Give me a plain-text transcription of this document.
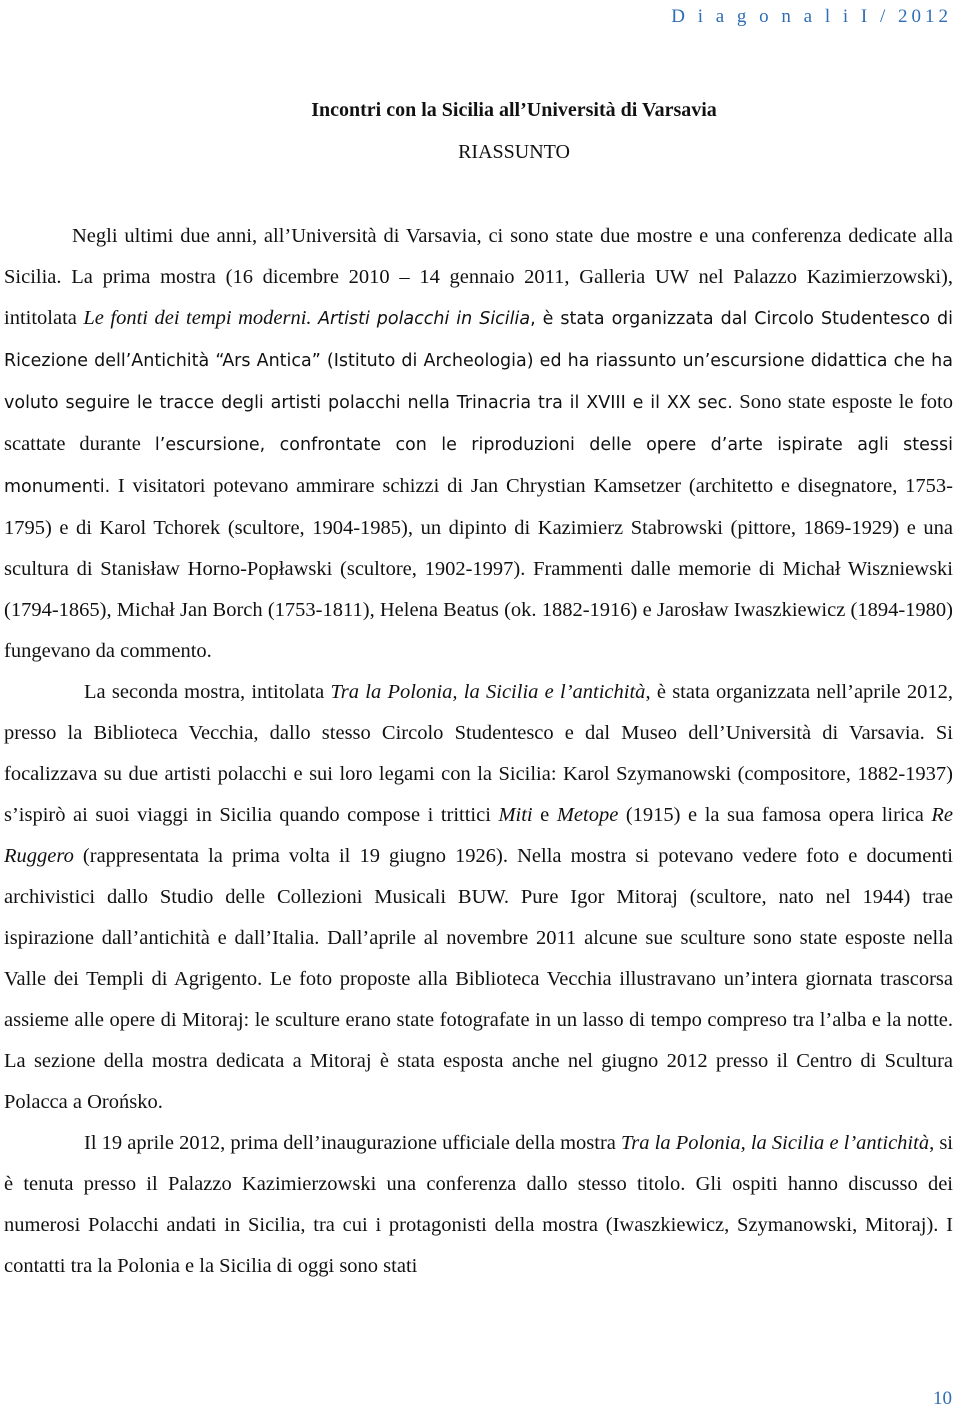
D i a g o n a l i I / 2012
Incontri con la Sicilia all’Università di Varsavia
RIASSUNTO

Negli ultimi due anni, all’Università di Varsavia, ci sono state due mostre e una conferenza dedicate alla Sicilia. La prima mostra (16 dicembre 2010 – 14 gennaio 2011, Galleria UW nel Palazzo Kazimierzowski), intitolata Le fonti dei tempi moderni. Artisti polacchi in Sicilia, è stata organizzata dal Circolo Studentesco di Ricezione dell’Antichità “Ars Antica” (Istituto di Archeologia) ed ha riassunto un’escursione didattica che ha voluto seguire le tracce degli artisti polacchi nella Trinacria tra il XVIII e il XX sec. Sono state esposte le foto scattate durante l’escursione, confrontate con le riproduzioni delle opere d’arte ispirate agli stessi monumenti. I visitatori potevano ammirare schizzi di Jan Chrystian Kamsetzer (architetto e disegnatore, 1753-1795) e di Karol Tchorek (scultore, 1904-1985), un dipinto di Kazimierz Stabrowski (pittore, 1869-1929) e una scultura di Stanisław Horno-Popławski (scultore, 1902-1997). Frammenti dalle memorie di Michał Wiszniewski (1794-1865), Michał Jan Borch (1753-1811), Helena Beatus (ok. 1882-1916) e Jarosław Iwaszkiewicz (1894-1980) fungevano da commento.

La seconda mostra, intitolata Tra la Polonia, la Sicilia e l’antichità, è stata organizzata nell’aprile 2012, presso la Biblioteca Vecchia, dallo stesso Circolo Studentesco e dal Museo dell’Università di Varsavia. Si focalizzava su due artisti polacchi e sui loro legami con la Sicilia: Karol Szymanowski (compositore, 1882-1937) s’ispirò ai suoi viaggi in Sicilia quando compose i trittici Miti e Metope (1915) e la sua famosa opera lirica Re Ruggero (rappresentata la prima volta il 19 giugno 1926). Nella mostra si potevano vedere foto e documenti archivistici dallo Studio delle Collezioni Musicali BUW. Pure Igor Mitoraj (scultore, nato nel 1944) trae ispirazione dall’antichità e dall’Italia. Dall’aprile al novembre 2011 alcune sue sculture sono state esposte nella Valle dei Templi di Agrigento. Le foto proposte alla Biblioteca Vecchia illustravano un’intera giornata trascorsa assieme alle opere di Mitoraj: le sculture erano state fotografate in un lasso di tempo compreso tra l’alba e la notte. La sezione della mostra dedicata a Mitoraj è stata esposta anche nel giugno 2012 presso il Centro di Scultura Polacca a Orońsko.

Il 19 aprile 2012, prima dell’inaugurazione ufficiale della mostra Tra la Polonia, la Sicilia e l’antichità, si è tenuta presso il Palazzo Kazimierzowski una conferenza dallo stesso titolo. Gli ospiti hanno discusso dei numerosi Polacchi andati in Sicilia, tra cui i protagonisti della mostra (Iwaszkiewicz, Szymanowski, Mitoraj). I contatti tra la Polonia e la Sicilia di oggi sono stati

10
